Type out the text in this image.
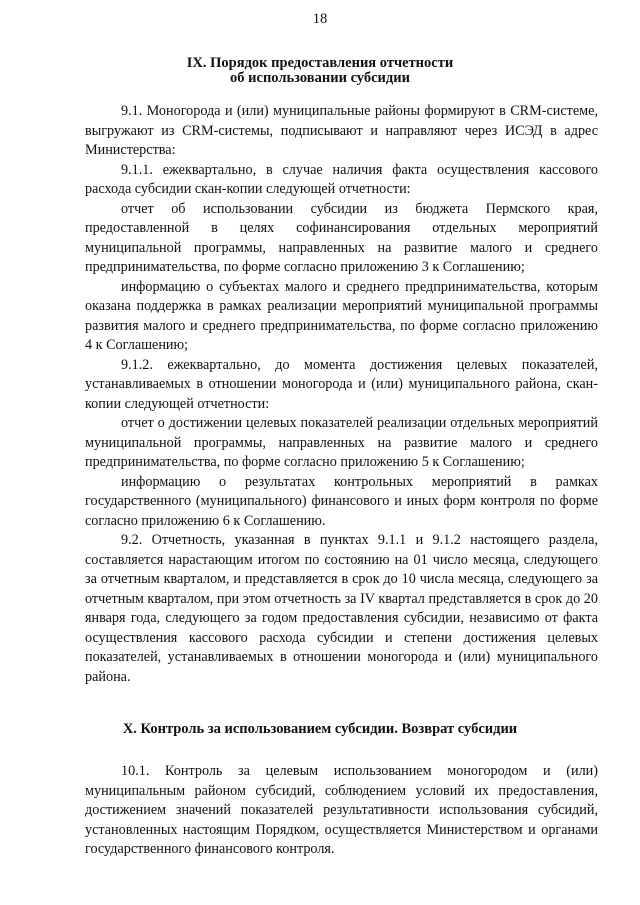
18
IX. Порядок предоставления отчетности
об использовании субсидии

9.1. Моногорода и (или) муниципальные районы формируют в CRM-системе, выгружают из CRM-системы, подписывают и направляют через ИСЭД в адрес Министерства:

9.1.1. ежеквартально, в случае наличия факта осуществления кассового расхода субсидии скан-копии следующей отчетности:

отчет об использовании субсидии из бюджета Пермского края, предоставленной в целях софинансирования отдельных мероприятий муниципальной программы, направленных на развитие малого и среднего предпринимательства, по форме согласно приложению 3 к Соглашению;

информацию о субъектах малого и среднего предпринимательства, которым оказана поддержка в рамках реализации мероприятий муниципальной программы развития малого и среднего предпринимательства, по форме согласно приложению 4 к Соглашению;

9.1.2. ежеквартально, до момента достижения целевых показателей, устанавливаемых в отношении моногорода и (или) муниципального района, скан-копии следующей отчетности:

отчет о достижении целевых показателей реализации отдельных мероприятий муниципальной программы, направленных на развитие малого и среднего предпринимательства, по форме согласно приложению 5 к Соглашению;

информацию о результатах контрольных мероприятий в рамках государственного (муниципального) финансового и иных форм контроля по форме согласно приложению 6 к Соглашению.

9.2. Отчетность, указанная в пунктах 9.1.1 и 9.1.2 настоящего раздела, составляется нарастающим итогом по состоянию на 01 число месяца, следующего за отчетным кварталом, и представляется в срок до 10 числа месяца, следующего за отчетным кварталом, при этом отчетность за IV квартал представляется в срок до 20 января года, следующего за годом предоставления субсидии, независимо от факта осуществления кассового расхода субсидии и степени достижения целевых показателей, устанавливаемых в отношении моногорода и (или) муниципального района.

X. Контроль за использованием субсидии. Возврат субсидии

10.1. Контроль за целевым использованием моногородом и (или) муниципальным районом субсидий, соблюдением условий их предоставления, достижением значений показателей результативности использования субсидий, установленных настоящим Порядком, осуществляется Министерством и органами государственного финансового контроля.
